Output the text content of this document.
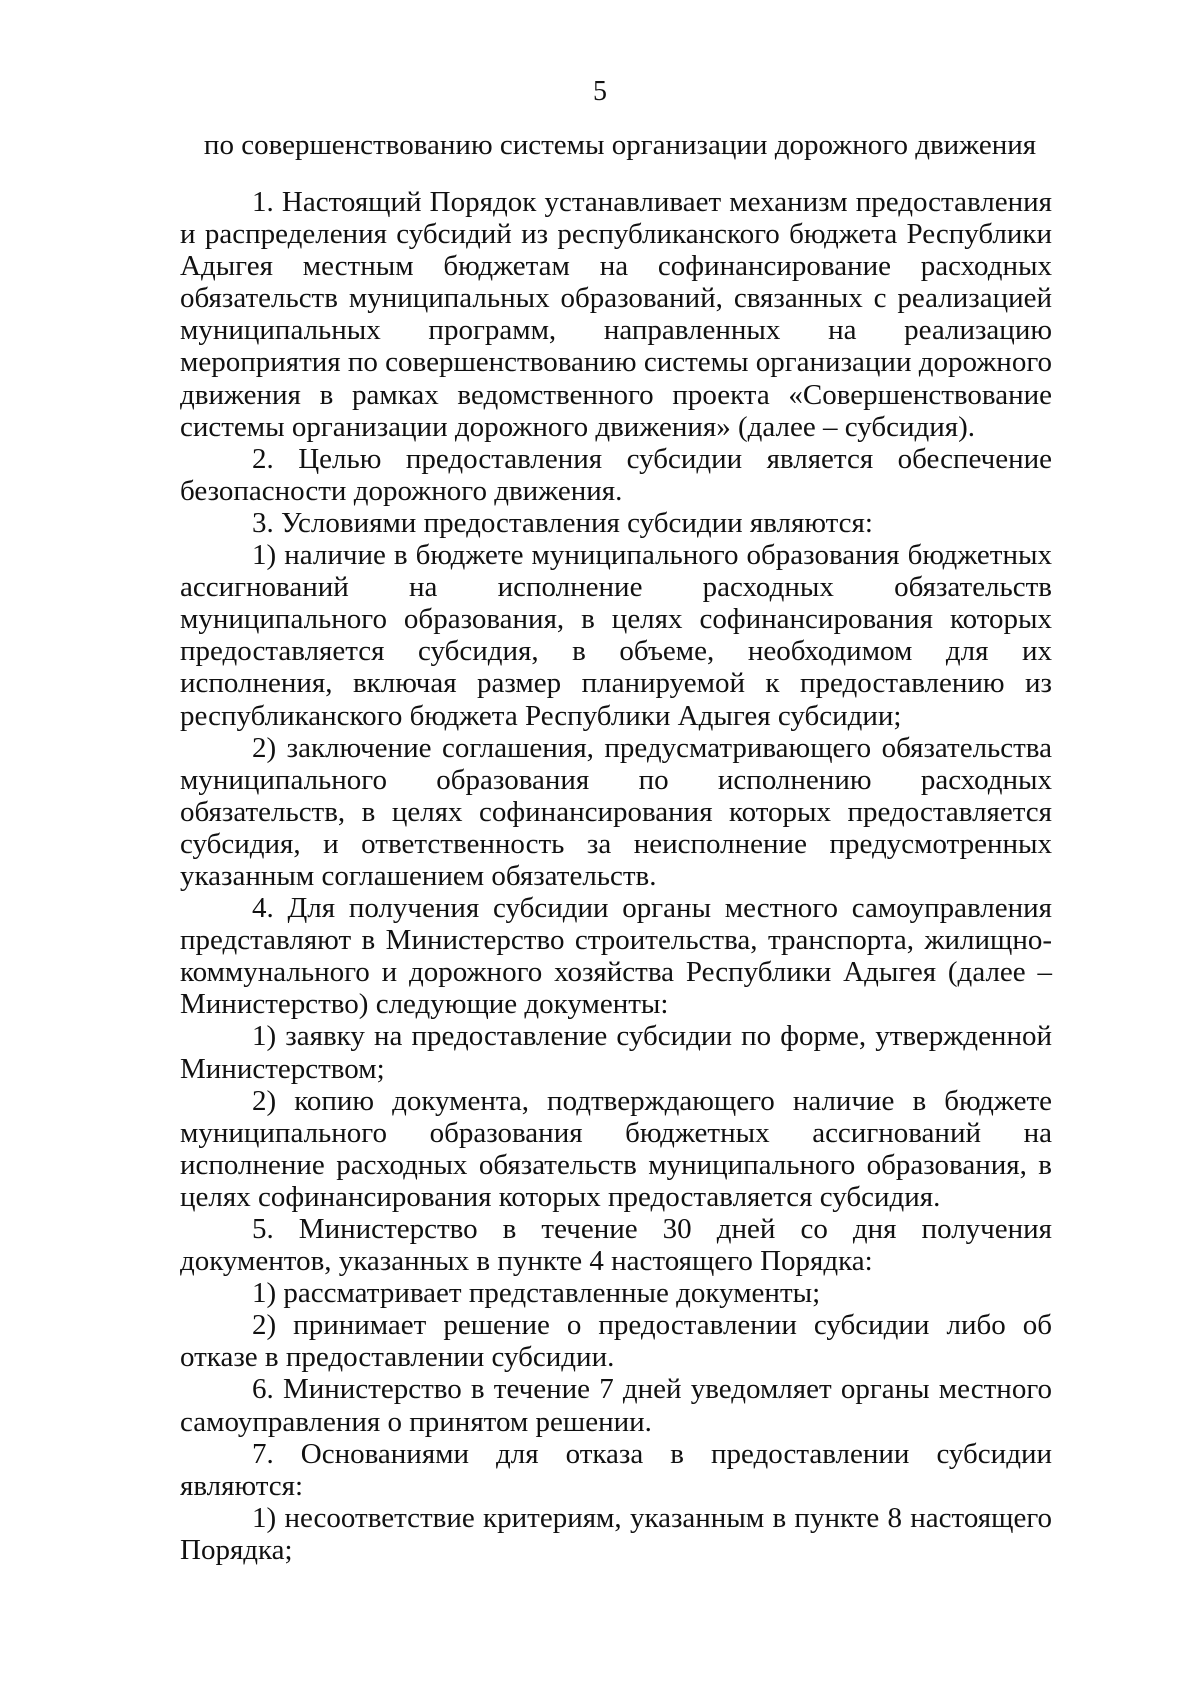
5
по совершенствованию системы организации дорожного движения

1. Настоящий Порядок устанавливает механизм предоставления и распределения субсидий из республиканского бюджета Республики Адыгея местным бюджетам на софинансирование расходных обязательств муниципальных образований, связанных с реализацией муниципальных программ, направленных на реализацию мероприятия по совершенствованию системы организации дорожного движения в рамках ведомственного проекта «Совершенствование системы организации дорожного движения» (далее – субсидия).

2. Целью предоставления субсидии является обеспечение безопасности дорожного движения.

3. Условиями предоставления субсидии являются:

1) наличие в бюджете муниципального образования бюджетных ассигнований на исполнение расходных обязательств муниципального образования, в целях софинансирования которых предоставляется субсидия, в объеме, необходимом для их исполнения, включая размер планируемой к предоставлению из республиканского бюджета Республики Адыгея субсидии;

2) заключение соглашения, предусматривающего обязательства муниципального образования по исполнению расходных обязательств, в целях софинансирования которых предоставляется субсидия, и ответственность за неисполнение предусмотренных указанным соглашением обязательств.

4. Для получения субсидии органы местного самоуправления представляют в Министерство строительства, транспорта, жилищно-коммунального и дорожного хозяйства Республики Адыгея (далее – Министерство) следующие документы:

1) заявку на предоставление субсидии по форме, утвержденной Министерством;

2) копию документа, подтверждающего наличие в бюджете муниципального образования бюджетных ассигнований на исполнение расходных обязательств муниципального образования, в целях софинансирования которых предоставляется субсидия.

5. Министерство в течение 30 дней со дня получения документов, указанных в пункте 4 настоящего Порядка:

1) рассматривает представленные документы;

2) принимает решение о предоставлении субсидии либо об отказе в предоставлении субсидии.

6. Министерство в течение 7 дней уведомляет органы местного самоуправления о принятом решении.

7. Основаниями для отказа в предоставлении субсидии являются:

1) несоответствие критериям, указанным в пункте 8 настоящего Порядка;
